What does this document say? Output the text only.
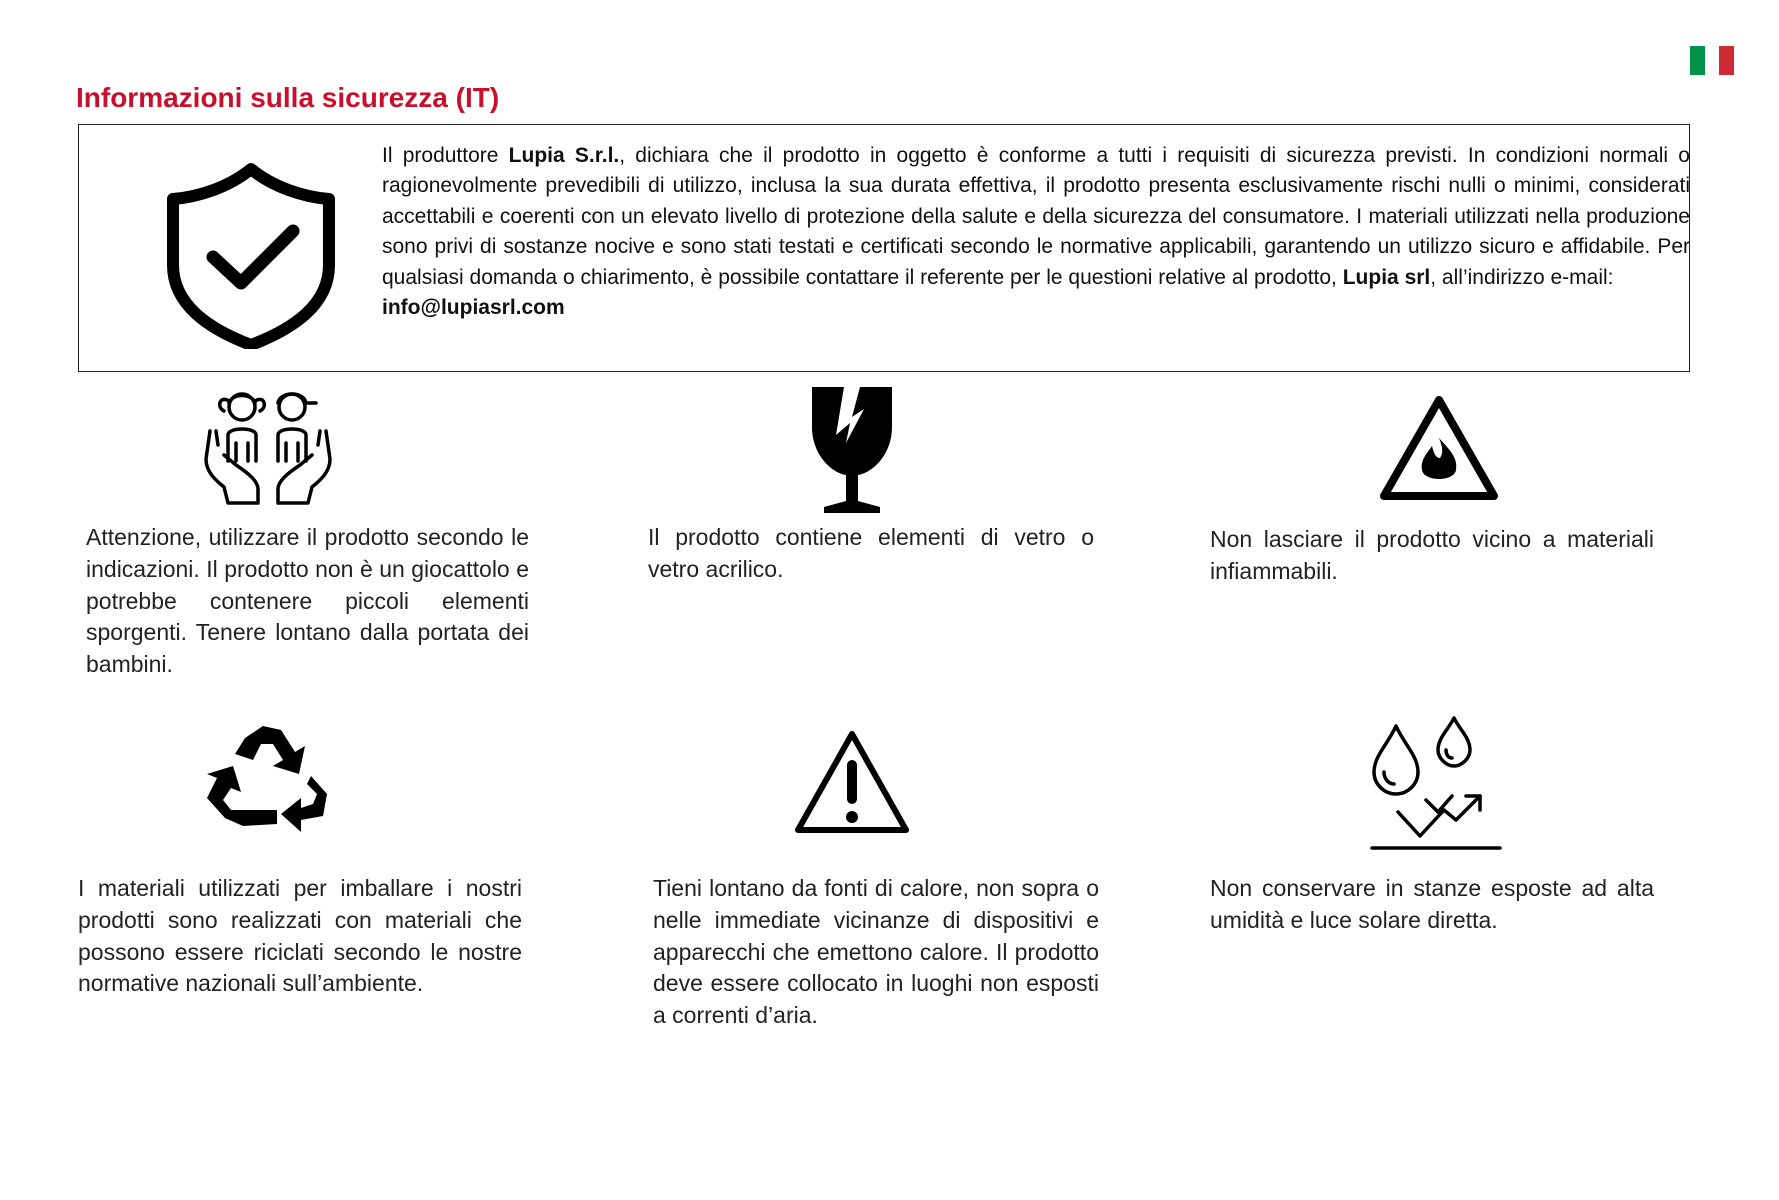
Informazioni sulla sicurezza (IT)
Il produttore Lupia S.r.l., dichiara che il prodotto in oggetto è conforme a tutti i requisiti di sicurezza previsti. In condizioni normali o ragionevolmente prevedibili di utilizzo, inclusa la sua durata effettiva, il prodotto presenta esclusivamente rischi nulli o minimi, considerati accettabili e coerenti con un elevato livello di protezione della salute e della sicurezza del consumatore. I materiali utilizzati nella produzione sono privi di sostanze nocive e sono stati testati e certificati secondo le normative applicabili, garantendo un utilizzo sicuro e affidabile. Per qualsiasi domanda o chiarimento, è possibile contattare il referente per le questioni relative al prodotto, Lupia srl, all’indirizzo e-mail:
info@lupiasrl.com
Attenzione, utilizzare il prodotto secondo le indicazioni. Il prodotto non è un giocattolo e potrebbe contenere piccoli elementi sporgenti. Tenere lontano dalla portata dei bambini.
Il prodotto contiene elementi di vetro o vetro acrilico.
Non lasciare il prodotto vicino a materiali infiammabili.
I materiali utilizzati per imballare i nostri prodotti sono realizzati con materiali che possono essere riciclati secondo le nostre normative nazionali sull’ambiente.
Tieni lontano da fonti di calore, non sopra o nelle immediate vicinanze di dispositivi e apparecchi che emettono calore. Il prodotto deve essere collocato in luoghi non esposti a correnti d’aria.
Non conservare in stanze esposte ad alta umidità e luce solare diretta.
